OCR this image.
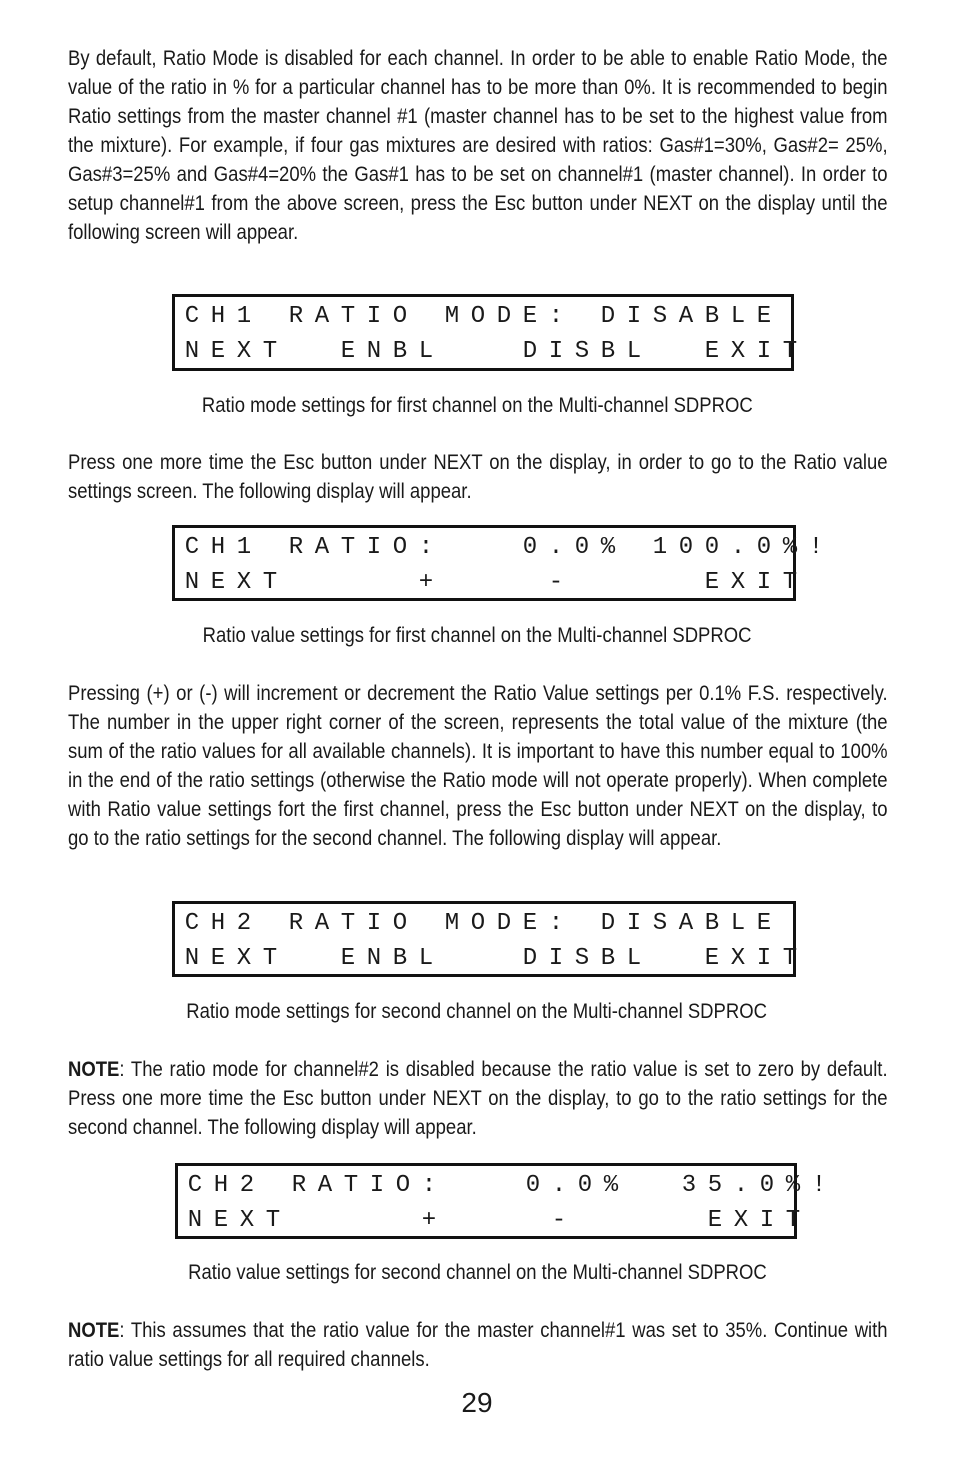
By default, Ratio Mode is disabled for each channel. In order to be able to enable Ratio Mode, the value of the ratio in % for a particular channel has to be more than 0%. It is recommended to begin Ratio settings from the master channel #1 (master channel has to be set to the highest value from the mixture). For example, if four gas mixtures are desired with ratios: Gas#1=30%, Gas#2= 25%, Gas#3=25% and Gas#4=20% the Gas#1 has to be set on channel#1 (master channel). In order to setup channel#1 from the above screen, press the Esc button under NEXT on the display until the following screen will appear.
C H 1 R A T I O M O D E : D I S A B L E
N E X T	E N B L	D I S B L	E X I T
Ratio mode settings for first channel on the Multi-channel SDPROC
Press one more time the Esc button under NEXT on the display, in order to go to the Ratio value settings screen. The following display will appear.
C H 1 R A T I O :	0 . 0 % 1 0 0 . 0 % !
N E X T	+	-	E X I T
Ratio value settings for first channel on the Multi-channel SDPROC
Pressing (+) or (-) will increment or decrement the Ratio Value settings per 0.1% F.S. respectively. The number in the upper right corner of the screen, represents the total value of the mixture (the sum of the ratio values for all available channels). It is important to have this number equal to 100% in the end of the ratio settings (otherwise the Ratio mode will not operate properly). When complete with Ratio value settings fort the first channel, press the Esc button under NEXT on the display, to go to the ratio settings for the second channel. The following display will appear.
C H 2 R A T I O M O D E : D I S A B L E
N E X T	E N B L	D I S B L	E X I T
Ratio mode settings for second channel on the Multi-channel SDPROC
NOTE: The ratio mode for channel#2 is disabled because the ratio value is set to zero by default. Press one more time the Esc button under NEXT on the display, to go to the ratio settings for the second channel. The following display will appear.
C H 2 R A T I O :	0 . 0 %	3 5 . 0 % !
N E X T	+	-	E X I T
Ratio value settings for second channel on the Multi-channel SDPROC
NOTE: This assumes that the ratio value for the master channel#1 was set to 35%. Continue with ratio value settings for all required channels.
29
